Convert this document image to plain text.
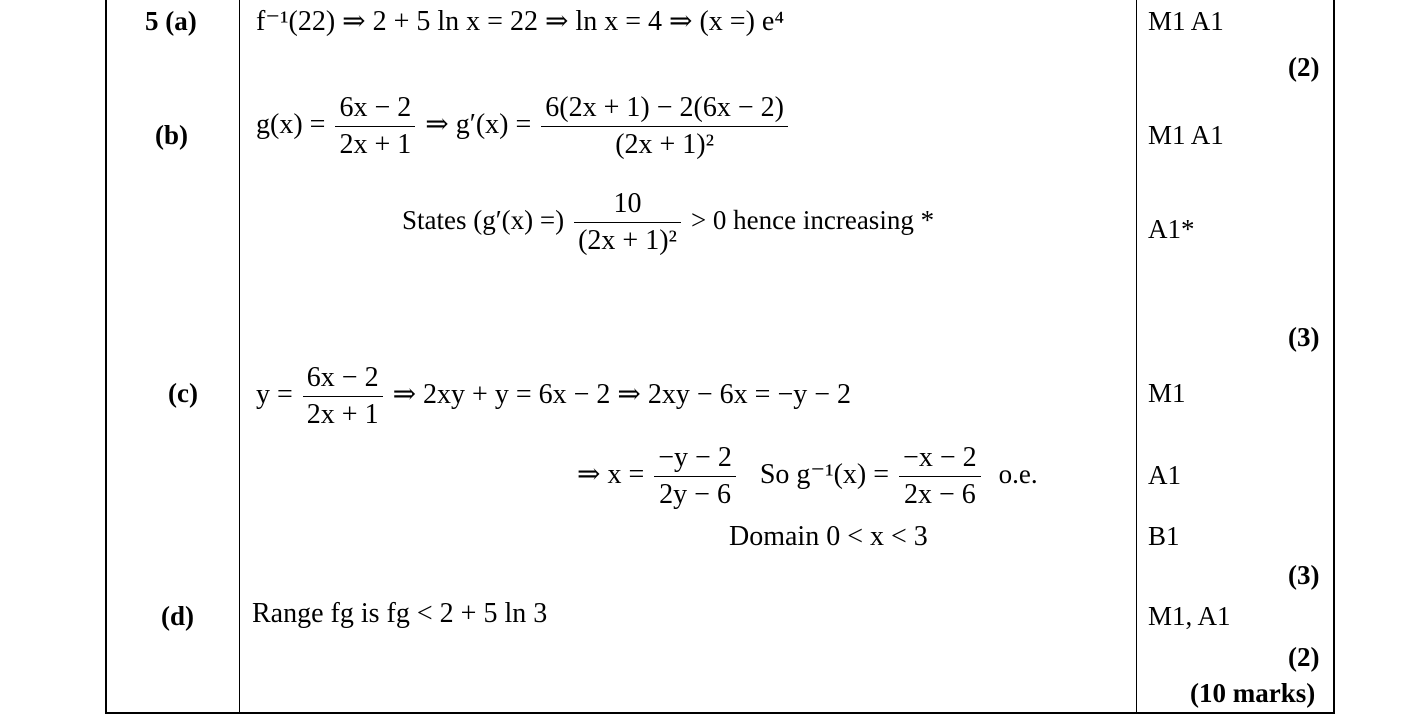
5 (a) f⁻¹(22) ⇒ 2 + 5 ln x = 22 ⇒ ln x = 4 ⇒ (x =) e⁴	M1 A1
(2)
(b) $g(x) = \frac{6x - 2}{2x + 1}$ ⇒ $g'(x) = \frac{6(2x + 1) - 2(6x - 2)}{\text{(2x + 1)²}}$	M1 A1
States (g′(x) =) $\frac{10}{\text{(2x + 1)²}} > 0$ hence increasing *	A1*
(3)
(c) $y = \frac{6x - 2}{2x + 1}$ ⇒ 2xy + y = 6x − 2 ⇒ 2xy − 6x = −y − 2	M1
⇒ $x = \frac{-y - 2}{2y - 6}$ So $g^{-1}(x) = \frac{-x - 2}{2x - 6} o.e$.	A1
Domain 0 < x < 3	B1
(3)
(d) Range fg is fg < 2 + 5 ln 3	M1, A1
(2)
(10 marks)
